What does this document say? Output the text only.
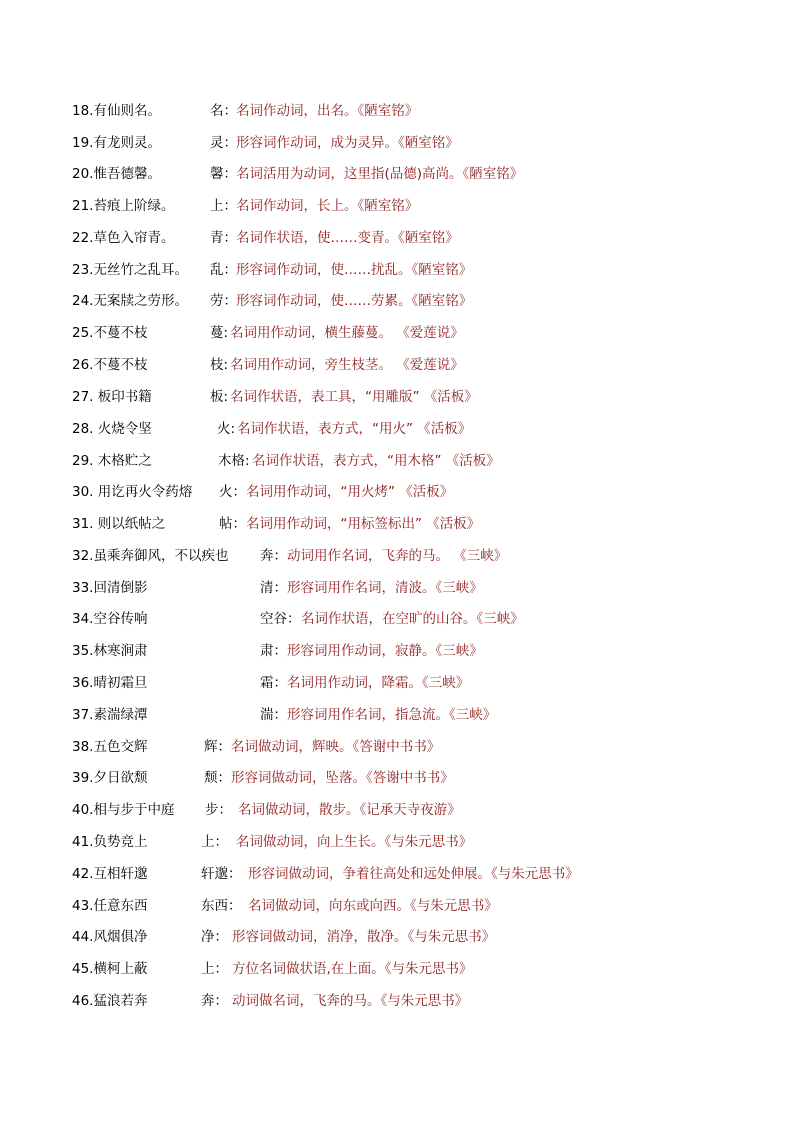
18.有仙则名。	名： 名词作动词，出名。《陋室铭》
19.有龙则灵。	灵： 形容词作动词，成为灵异。《陋室铭》
20.惟吾德馨。	馨： 名词活用为动词，这里指(品德)高尚。《陋室铭》
21.苔痕上阶绿。	上： 名词作动词，长上。《陋室铭》
22.草色入帘青。	青： 名词作状语，使……变青。《陋室铭》
23.无丝竹之乱耳。 乱： 形容词作动词，使……扰乱。《陋室铭》
24.无案牍之劳形。 劳： 形容词作动词，使……劳累。《陋室铭》
25.不蔓不枝	蔓: 名词用作动词，横生藤蔓。 《爱莲说》
26.不蔓不枝	枝: 名词用作动词，旁生枝茎。 《爱莲说》
27. 板印书籍	板: 名词作状语，表工具，“用雕版” 《活板》
28. 火烧令坚	火: 名词作状语，表方式，“用火” 《活板》
29. 木格贮之	木格: 名词作状语，表方式，“用木格” 《活板》
30. 用讫再火令药熔 火： 名词用作动词，“用火烤” 《活板》
31. 则以纸帖之	帖： 名词用作动词，“用标签标出” 《活板》
32.虽乘奔御风，不以疾也 奔： 动词用作名词，飞奔的马。 《三峡》
33.回清倒影	清： 形容词用作名词，清波。《三峡》
34.空谷传响	空谷： 名词作状语，在空旷的山谷。《三峡》
35.林寒涧肃	肃： 形容词用作动词，寂静。《三峡》
36.晴初霜旦	霜： 名词用作动词，降霜。《三峡》
37.素湍绿潭	湍： 形容词用作名词，指急流。《三峡》
38.五色交辉	辉： 名词做动词，辉映。《答谢中书书》
39.夕日欲颓	颓： 形容词做动词，坠落。《答谢中书书》
40.相与步于中庭 步： 名词做动词，散步。《记承天寺夜游》
41.负势竞上	上： 名词做动词，向上生长。《与朱元思书》
42.互相轩邈	轩邈： 形容词做动词，争着往高处和远处伸展。《与朱元思书》
43.任意东西	东西： 名词做动词，向东或向西。《与朱元思书》
44.风烟俱净	净： 形容词做动词，消净，散净。《与朱元思书》
45.横柯上蔽	上： 方位名词做状语,在上面。《与朱元思书》
46.猛浪若奔	奔： 动词做名词，飞奔的马。《与朱元思书》
